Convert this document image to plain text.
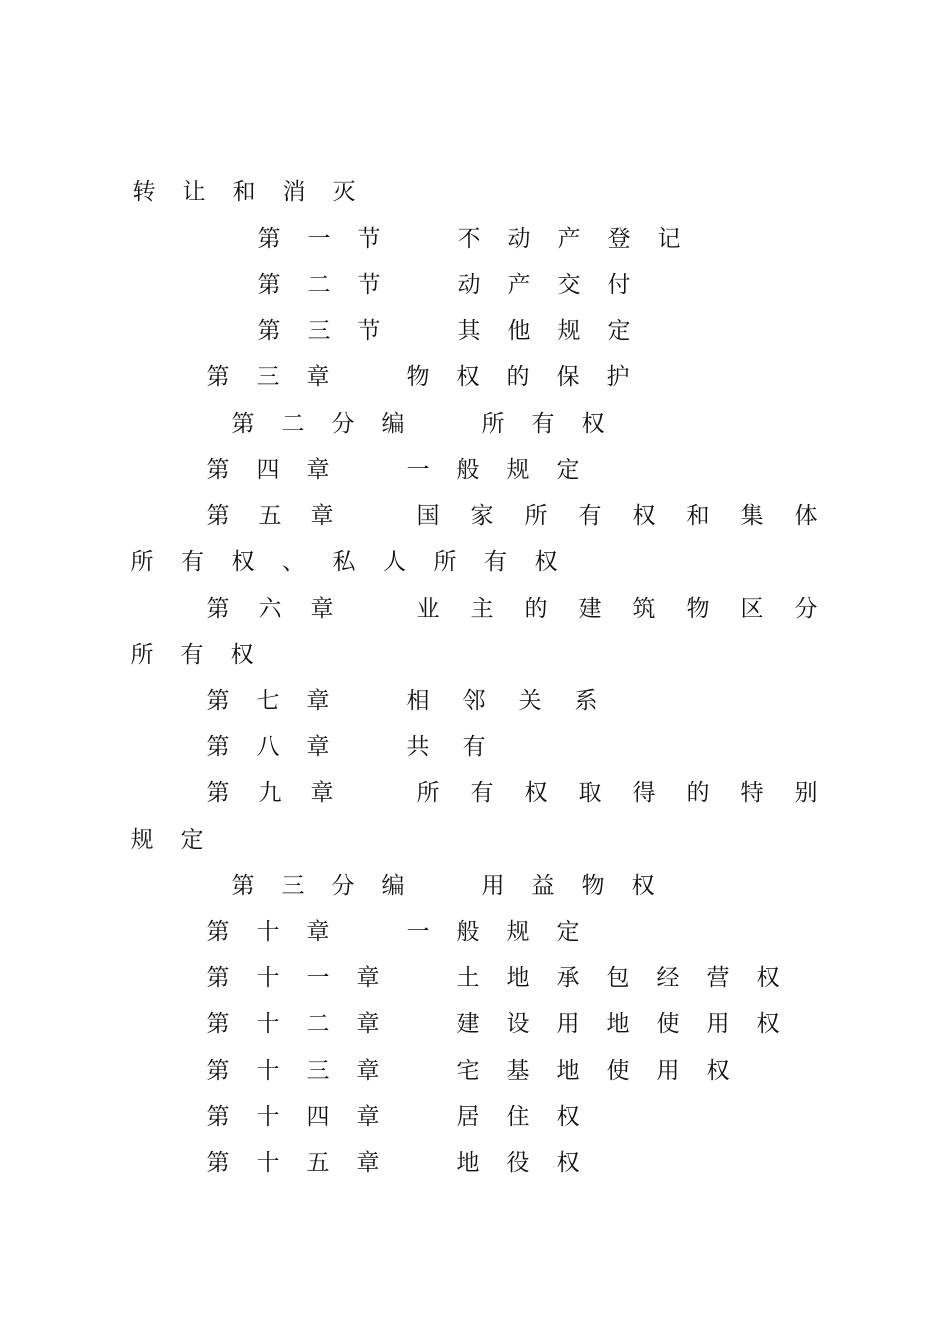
转 让 和 消 灭
第 一 节	不 动 产 登 记
第 二 节	动 产 交 付
第 三 节	其 他 规 定
第 三 章	物 权 的 保 护
第 二 分 编	所 有 权
第 四 章	一 般 规 定
第 五 章	国 家 所 有 权 和 集 体
所 有 权 、 私 人 所 有 权
第 六 章	业 主 的 建 筑 物 区 分
所 有 权
第 七 章	相 邻 关 系
第 八 章	共 有
第 九 章	所 有 权 取 得 的 特 别
规 定
第 三 分 编	用 益 物 权
第 十 章	一 般 规 定
第 十 一 章	土 地 承 包 经 营 权
第 十 二 章	建 设 用 地 使 用 权
第 十 三 章	宅 基 地 使 用 权
第 十 四 章	居 住 权
第 十 五 章	地 役 权
